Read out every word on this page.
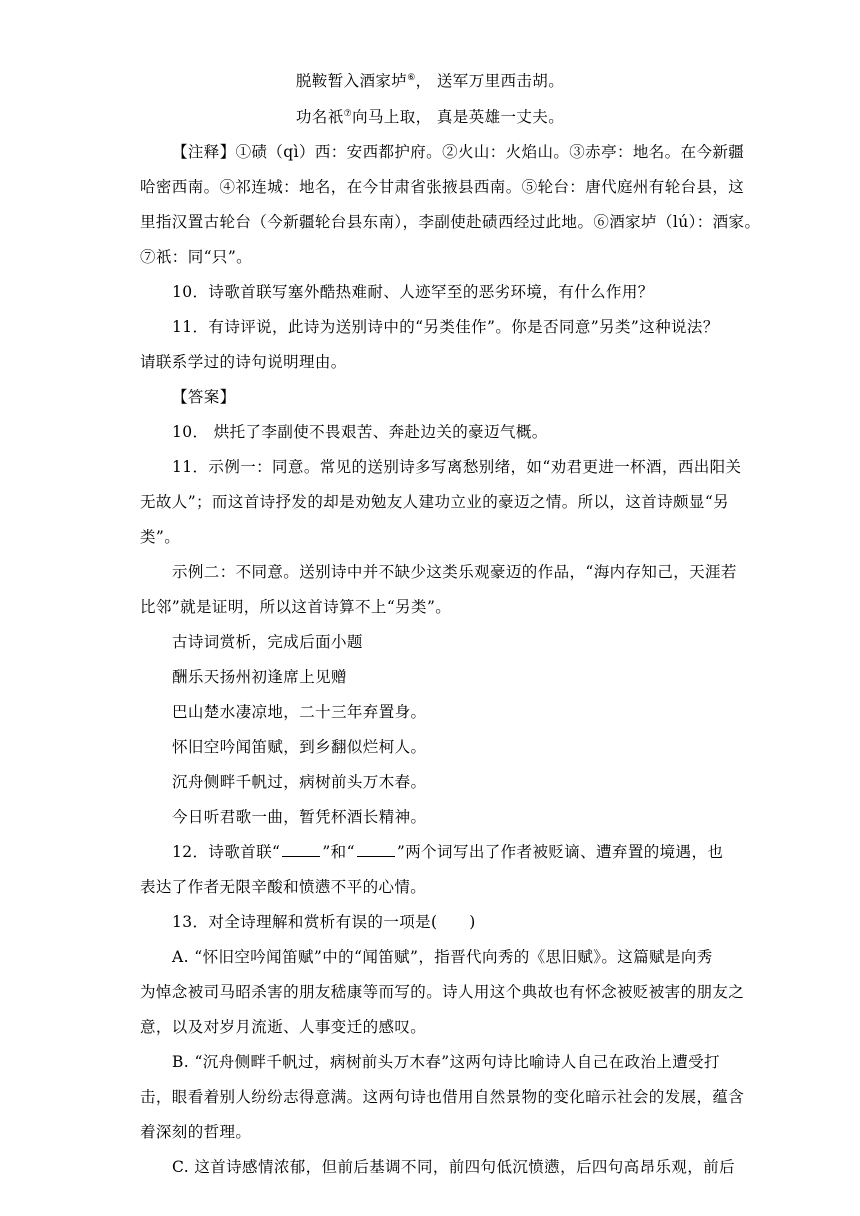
脱鞍暂入酒家垆⑥， 送军万里西击胡。
功名祇⑦向马上取， 真是英雄一丈夫。
【注释】①碛（qì）西：安西都护府。②火山：火焰山。③赤亭：地名。在今新疆
哈密西南。④祁连城：地名，在今甘肃省张掖县西南。⑤轮台：唐代庭州有轮台县，这
里指汉置古轮台（今新疆轮台县东南），李副使赴碛西经过此地。⑥酒家垆（lú）：酒家。
⑦祇：同“只”。
10．诗歌首联写塞外酷热难耐、人迹罕至的恶劣环境，有什么作用？
11．有诗评说，此诗为送别诗中的“另类佳作”。你是否同意”另类”这种说法？
请联系学过的诗句说明理由。
【答案】
10． 烘托了李副使不畏艰苦、奔赴边关的豪迈气概。
11．示例一：同意。常见的送别诗多写离愁别绪，如“劝君更进一杯酒，西出阳关
无故人”；而这首诗抒发的却是劝勉友人建功立业的豪迈之情。所以，这首诗颇显“另
类”。
示例二：不同意。送别诗中并不缺少这类乐观豪迈的作品，“海内存知己，天涯若
比邻”就是证明，所以这首诗算不上“另类”。
古诗词赏析，完成后面小题
酬乐天扬州初逢席上见赠
巴山楚水凄凉地，二十三年弃置身。
怀旧空吟闻笛赋，到乡翻似烂柯人。
沉舟侧畔千帆过，病树前头万木春。
今日听君歌一曲，暂凭杯酒长精神。
12．诗歌首联“	”和“	”两个词写出了作者被贬谪、遭弃置的境遇，也
表达了作者无限辛酸和愤懑不平的心情。
13．对全诗理解和赏析有误的一项是(　　)
A. “怀旧空吟闻笛赋”中的“闻笛赋”，指晋代向秀的《思旧赋》。这篇赋是向秀
为悼念被司马昭杀害的朋友嵇康等而写的。诗人用这个典故也有怀念被贬被害的朋友之
意，以及对岁月流逝、人事变迁的感叹。
B. “沉舟侧畔千帆过，病树前头万木春”这两句诗比喻诗人自己在政治上遭受打
击，眼看着别人纷纷志得意满。这两句诗也借用自然景物的变化暗示社会的发展，蕴含
着深刻的哲理。
C. 这首诗感情浓郁，但前后基调不同，前四句低沉愤懑，后四句高昂乐观，前后
